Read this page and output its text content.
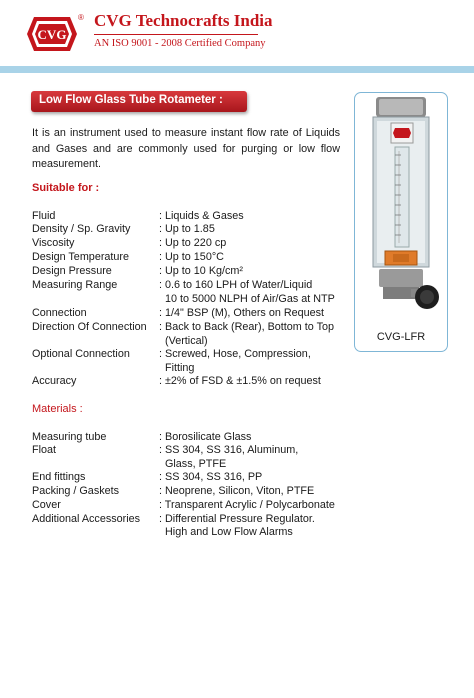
CVG
® CVG Technocrafts India
AN ISO 9001 - 2008 Certified Company
Low Flow Glass Tube Rotameter :

It is an instrument used to measure instant flow rate of Liquids and Gases and are commonly used for purging or low flow measurement.

Suitable for :
Fluid	: Liquids & Gases
Density / Sp. Gravity	: Up to 1.85
Viscosity	: Up to 220 cp
Design Temperature	: Up to 150°C
Design Pressure	: Up to 10 Kg/cm²
Measuring Range	: 0.6 to 160 LPH of Water/Liquid
10 to 5000 NLPH of Air/Gas at NTP
Connection	: 1/4" BSP (M), Others on Request
Direction Of Connection : Back to Back (Rear), Bottom to Top
(Vertical)
Optional Connection	: Screwed, Hose, Compression,
Fitting
Accuracy	: ±2% of FSD & ±1.5% on request
Materials :
Measuring tube	: Borosilicate Glass
Float	: SS 304, SS 316, Aluminum,
Glass, PTFE
End fittings	: SS 304, SS 316, PP
Packing / Gaskets	: Neoprene, Silicon, Viton, PTFE
Cover	: Transparent Acrylic / Polycarbonate
Additional Accessories : Differential Pressure Regulator.
High and Low Flow Alarms
CVG-LFR
